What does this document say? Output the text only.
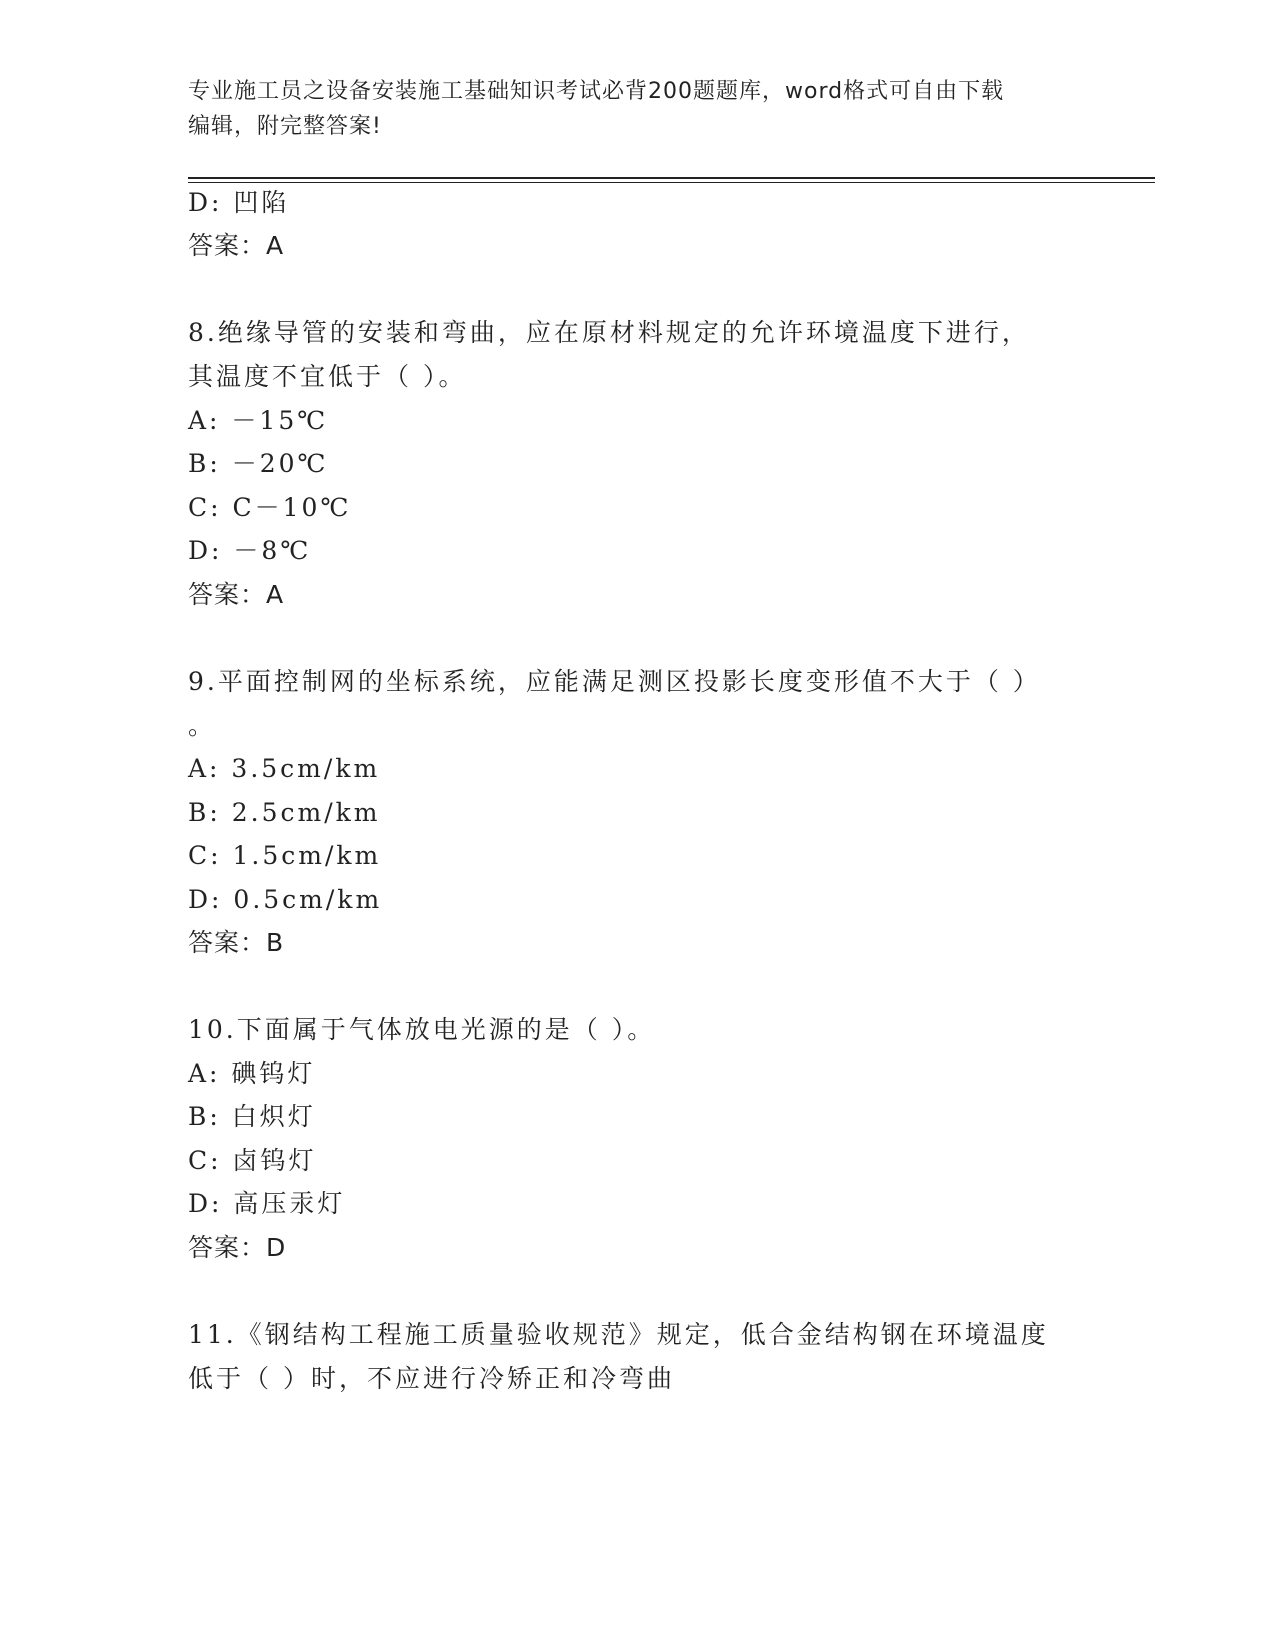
专业施工员之设备安装施工基础知识考试必背200题题库，word格式可自由下载
编辑，附完整答案!
D: 凹陷
答案：A
8.绝缘导管的安装和弯曲，应在原材料规定的允许环境温度下进行，
其温度不宜低于（ ）。
A: －15℃
B: －20℃
C: C－10℃
D: －8℃
答案：A
9.平面控制网的坐标系统，应能满足测区投影长度变形值不大于（ ）
。
A: 3.5cm/km
B: 2.5cm/km
C: 1.5cm/km
D: 0.5cm/km
答案：B
10.下面属于气体放电光源的是（ ）。
A: 碘钨灯
B: 白炽灯
C: 卤钨灯
D: 高压汞灯
答案：D
11.《钢结构工程施工质量验收规范》规定，低合金结构钢在环境温度
低于（ ）时，不应进行冷矫正和冷弯曲
